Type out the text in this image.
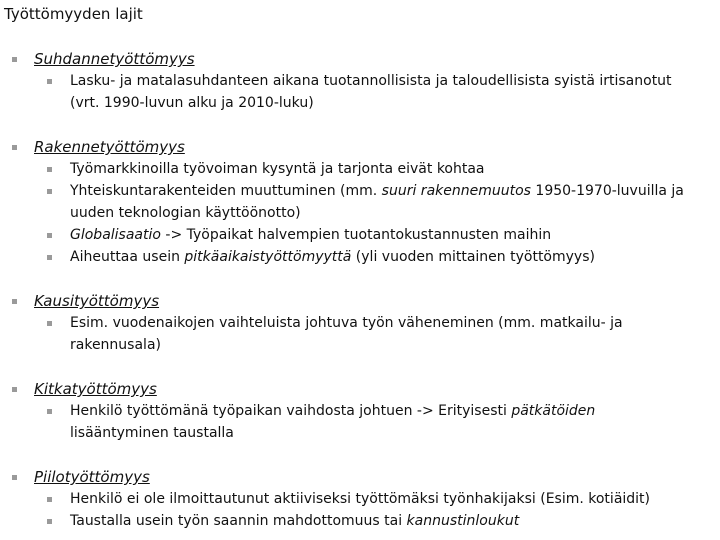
Työttömyyden lajit
Suhdannetyöttömyys
Lasku- ja matalasuhdanteen aikana tuotannollisista ja taloudellisista syistä irtisanotut (vrt. 1990-luvun alku ja 2010-luku)
Rakennetyöttömyys
Työmarkkinoilla työvoiman kysyntä ja tarjonta eivät kohtaa
Yhteiskuntarakenteiden muuttuminen (mm. suuri rakennemuutos 1950-1970-luvuilla ja uuden teknologian käyttöönotto)
Globalisaatio -> Työpaikat halvempien tuotantokustannusten maihin
Aiheuttaa usein pitkäaikaistyöttömyyttä (yli vuoden mittainen työttömyys)
Kausityöttömyys
Esim. vuodenaikojen vaihteluista johtuva työn väheneminen (mm. matkailu- ja rakennusala)
Kitkatyöttömyys
Henkilö työttömänä työpaikan vaihdosta johtuen -> Erityisesti pätkätöiden lisääntyminen taustalla
Piilotyöttömyys
Henkilö ei ole ilmoittautunut aktiiviseksi työttömäksi työnhakijaksi (Esim. kotiäidit)
Taustalla usein työn saannin mahdottomuus tai kannustinloukut
